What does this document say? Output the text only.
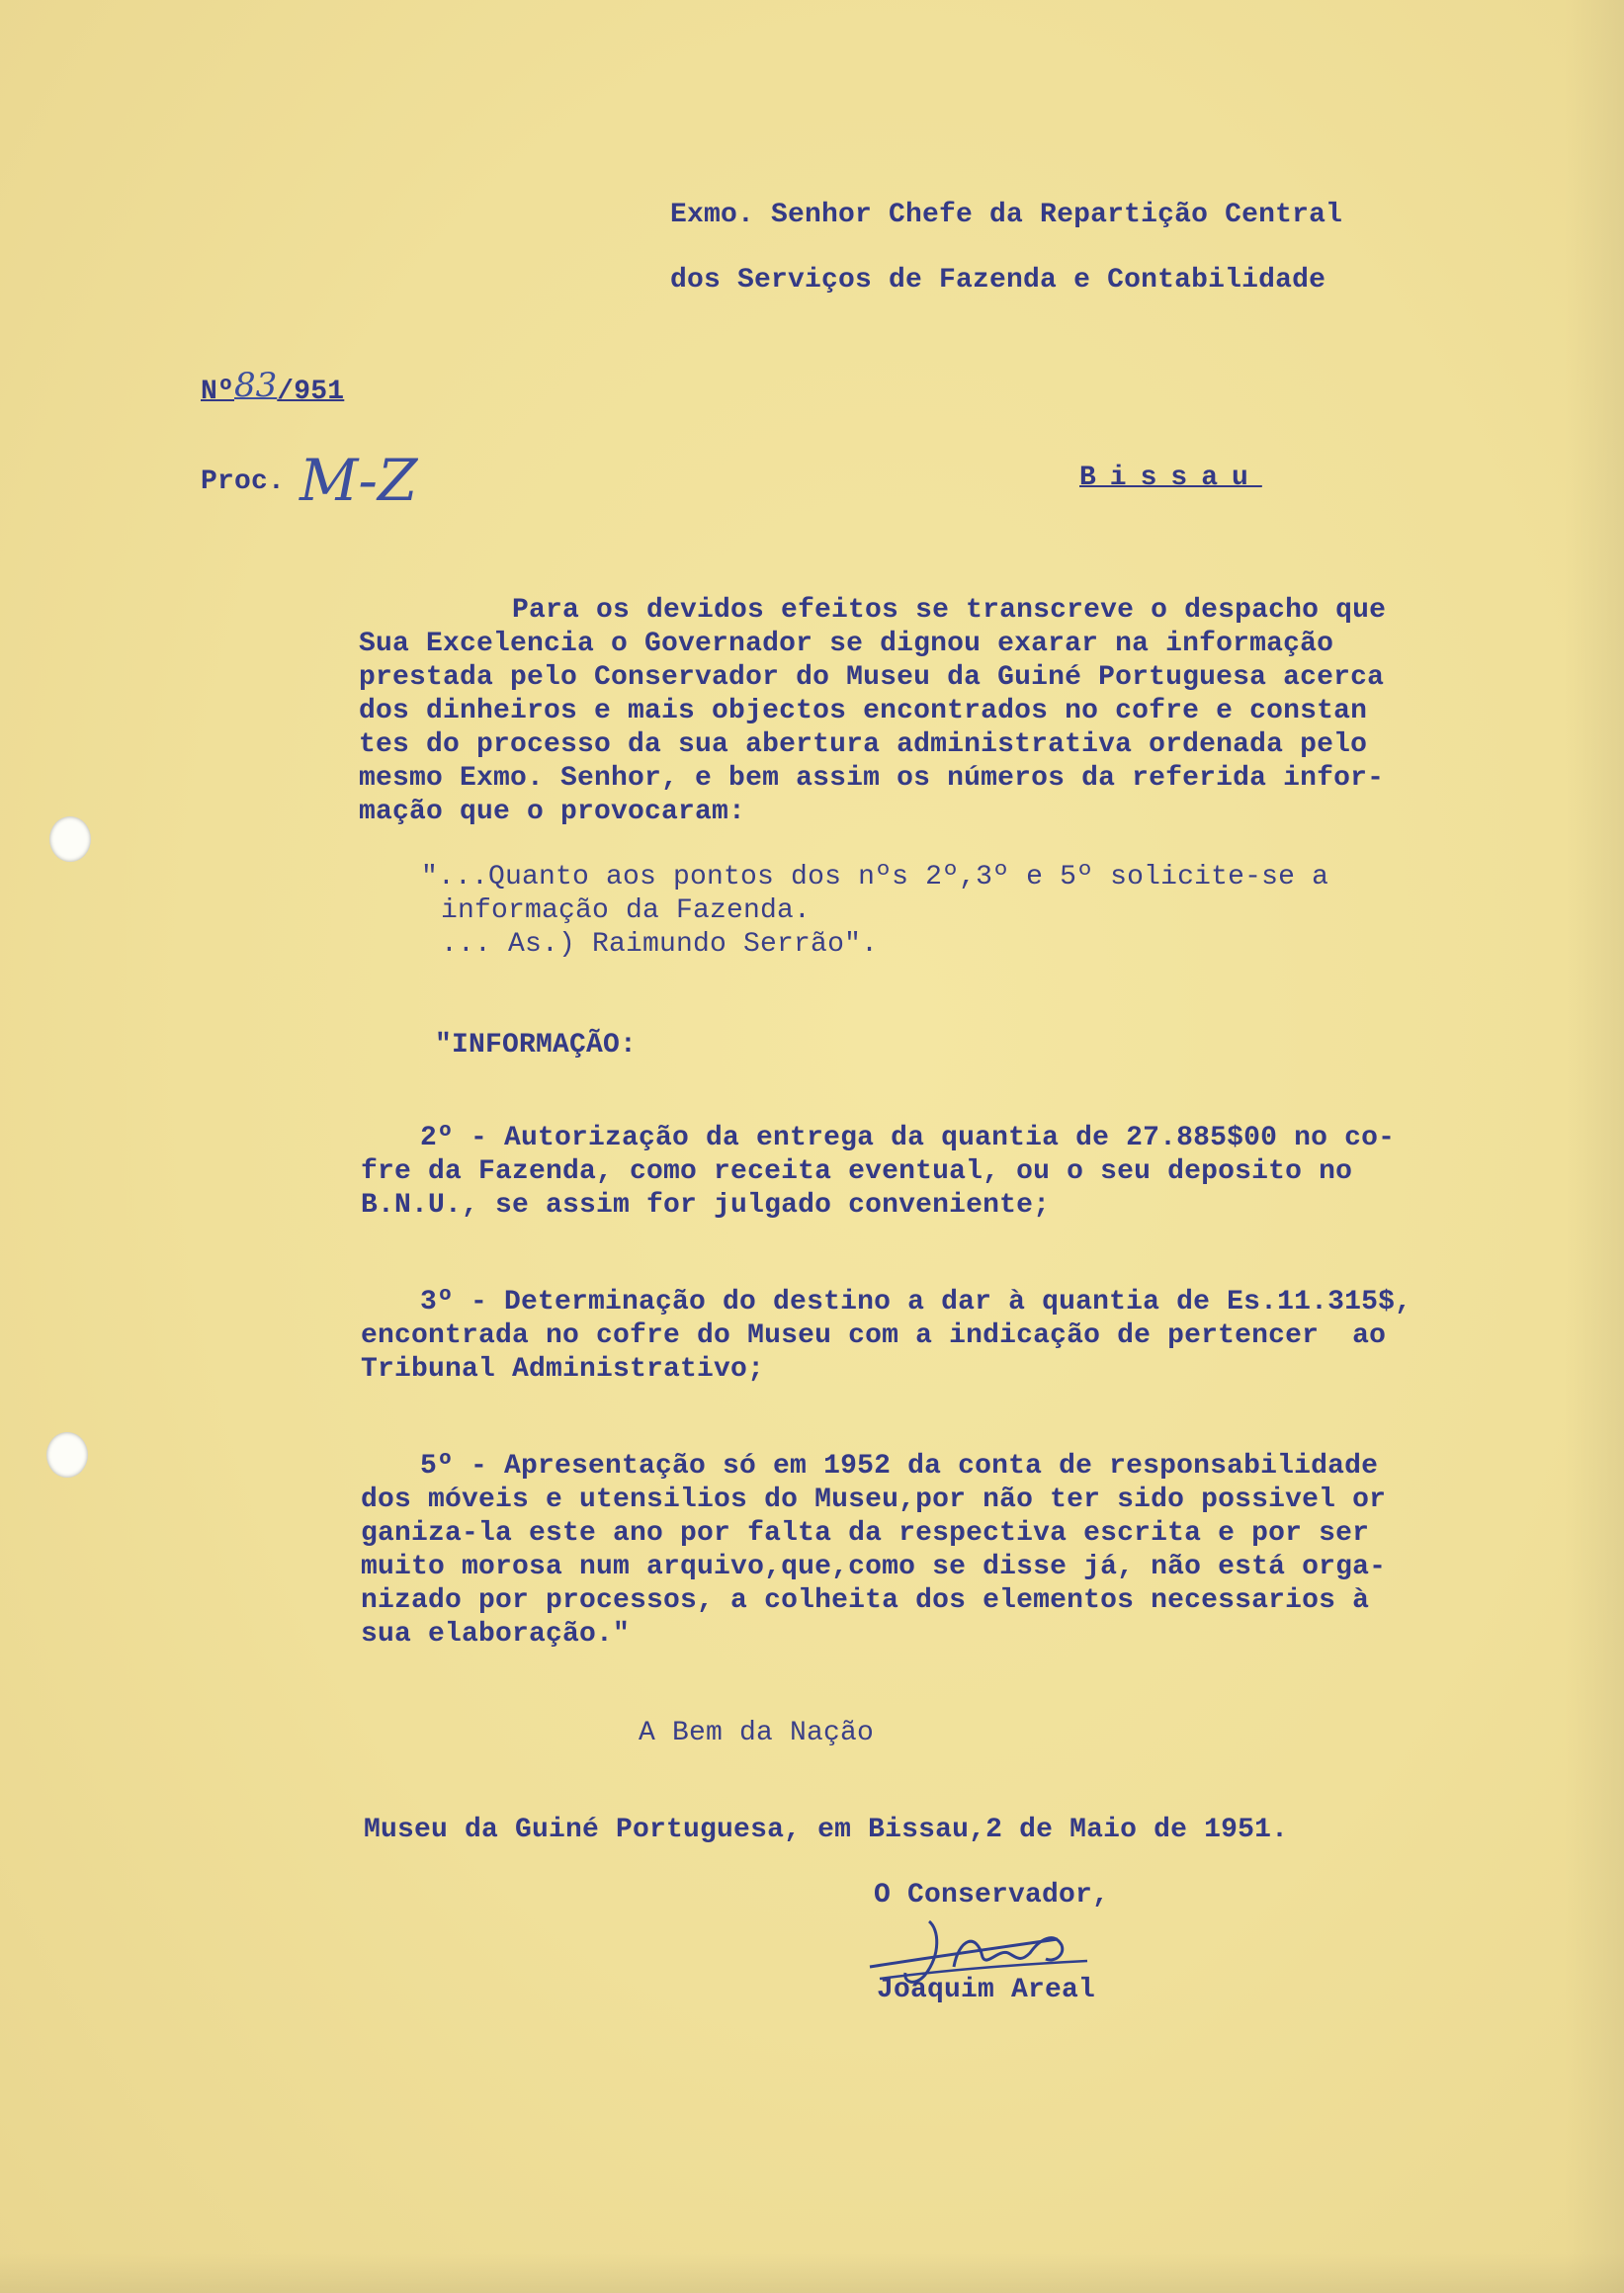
Exmo. Senhor Chefe da Repartição Central
dos Serviços de Fazenda e Contabilidade
Nº83/951
Proc. M-Z	Bissau
Para os devidos efeitos se transcreve o despacho que
Sua Excelencia o Governador se dignou exarar na informação
prestada pelo Conservador do Museu da Guiné Portuguesa acerca
dos dinheiros e mais objectos encontrados no cofre e constan
tes do processo da sua abertura administrativa ordenada pelo
mesmo Exmo. Senhor, e bem assim os números da referida infor-
mação que o provocaram:
"...Quanto aos pontos dos nºs 2º,3º e 5º solicite-se a
informação da Fazenda.
... As.) Raimundo Serrão".
"INFORMAÇÃO:
2º - Autorização da entrega da quantia de 27.885$00 no co-
fre da Fazenda, como receita eventual, ou o seu deposito no
B.N.U., se assim for julgado conveniente;
3º - Determinação do destino a dar à quantia de Es.11.315$,
encontrada no cofre do Museu com a indicação de pertencer  ao
Tribunal Administrativo;
5º - Apresentação só em 1952 da conta de responsabilidade
dos móveis e utensilios do Museu,por não ter sido possivel or
ganiza-la este ano por falta da respectiva escrita e por ser
muito morosa num arquivo,que,como se disse já, não está orga-
nizado por processos, a colheita dos elementos necessarios à
sua elaboração."
A Bem da Nação
Museu da Guiné Portuguesa, em Bissau,2 de Maio de 1951.
O Conservador,
Joaquim Areal
